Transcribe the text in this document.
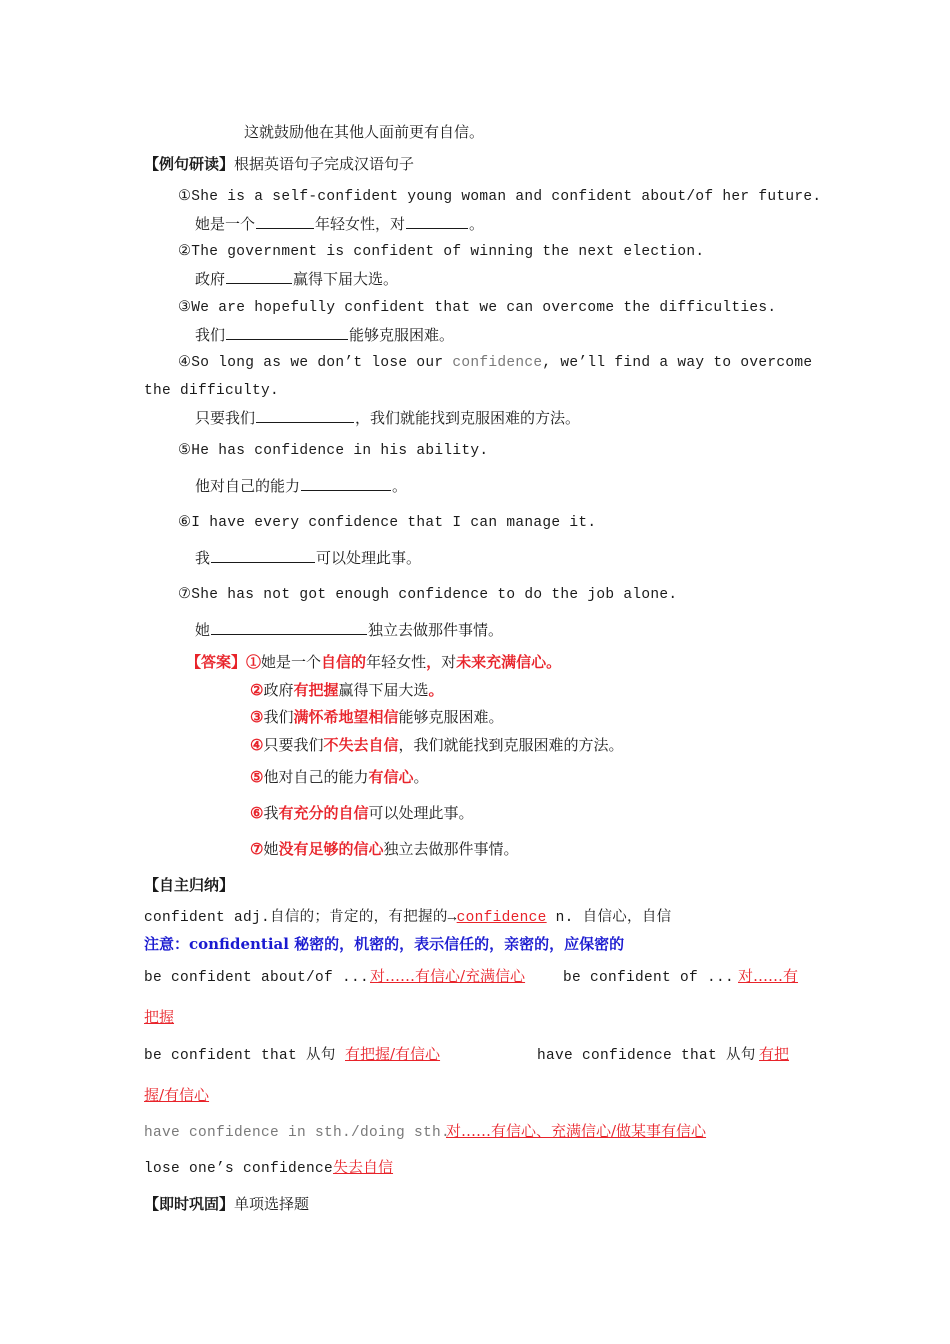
这就鼓励他在其他人面前更有自信。
【例句研读】根据英语句子完成汉语句子
①She is a self-confident young woman and confident about/of her future.
她是一个	年轻女性，对	。
②The government is confident of winning the next election.
政府	赢得下届大选。
③We are hopefully confident that we can overcome the difficulties.
我们	能够克服困难。
④So long as we don’t lose our confidence, we’ll find a way to overcome
the difficulty.
只要我们	，我们就能找到克服困难的方法。
⑤He has confidence in his ability.
他对自己的能力	。
⑥I have every confidence that I can manage it.
我	可以处理此事。
⑦She has not got enough confidence to do the job alone.
她	独立去做那件事情。
【答案】①她是一个自信的年轻女性，对未来充满信心。
②政府有把握赢得下届大选。
③我们满怀希地望相信能够克服困难。
④只要我们不失去自信，我们就能找到克服困难的方法。
⑤他对自己的能力有信心。
⑥我有充分的自信可以处理此事。
⑦她没有足够的信心独立去做那件事情。
【自主归纳】
confident adj.自信的；肯定的，有把握的→confidence n. 自信心，自信
注意：confidential 秘密的，机密的，表示信任的，亲密的，应保密的
be confident about/of ... 对……有信心/充满信心	be confident of ... 对……有
把握
be confident that 从句 有把握/有信心	have confidence that 从句 有把
握/有信心
have confidence in sth./doing sth.
对……有信心、充满信心/做某事有信心
lose one’s confidence失去自信
【即时巩固】单项选择题
